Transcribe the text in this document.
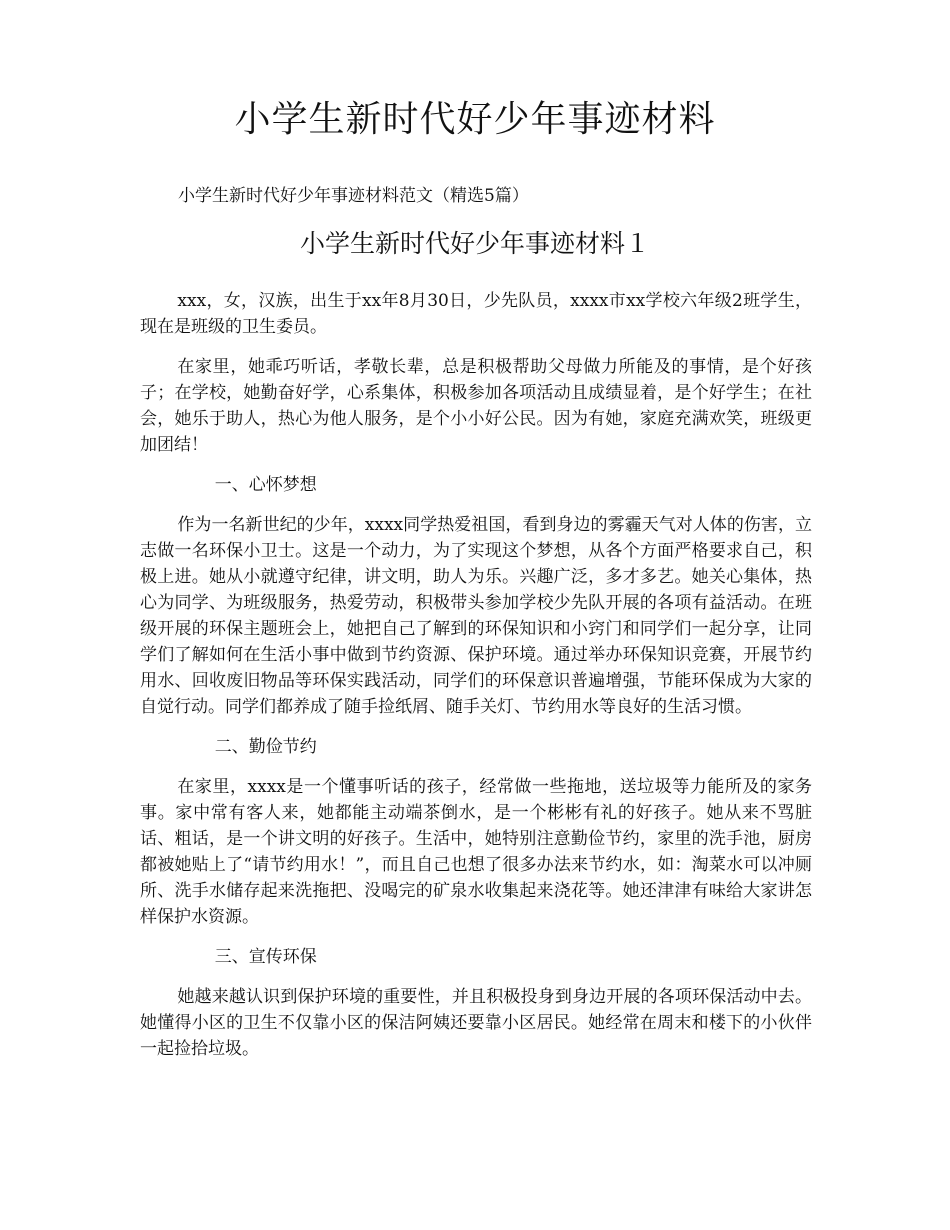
小学生新时代好少年事迹材料

小学生新时代好少年事迹材料范文（精选5篇）

小学生新时代好少年事迹材料１

xxx，女，汉族，出生于xx年8月30日，少先队员，xxxx市xx学校六年级2班学生，现在是班级的卫生委员。

在家里，她乖巧听话，孝敬长辈，总是积极帮助父母做力所能及的事情，是个好孩子；在学校，她勤奋好学，心系集体，积极参加各项活动且成绩显着，是个好学生；在社会，她乐于助人，热心为他人服务，是个小小好公民。因为有她，家庭充满欢笑，班级更加团结！

一、心怀梦想

作为一名新世纪的少年，xxxx同学热爱祖国，看到身边的雾霾天气对人体的伤害，立志做一名环保小卫士。这是一个动力，为了实现这个梦想，从各个方面严格要求自己，积极上进。她从小就遵守纪律，讲文明，助人为乐。兴趣广泛，多才多艺。她关心集体，热心为同学、为班级服务，热爱劳动，积极带头参加学校少先队开展的各项有益活动。在班级开展的环保主题班会上，她把自己了解到的环保知识和小窍门和同学们一起分享，让同学们了解如何在生活小事中做到节约资源、保护环境。通过举办环保知识竞赛，开展节约用水、回收废旧物品等环保实践活动，同学们的环保意识普遍增强，节能环保成为大家的自觉行动。同学们都养成了随手捡纸屑、随手关灯、节约用水等良好的生活习惯。

二、勤俭节约

在家里，xxxx是一个懂事听话的孩子，经常做一些拖地，送垃圾等力能所及的家务事。家中常有客人来，她都能主动端茶倒水，是一个彬彬有礼的好孩子。她从来不骂脏话、粗话，是一个讲文明的好孩子。生活中，她特别注意勤俭节约，家里的洗手池，厨房都被她贴上了“请节约用水！”，而且自己也想了很多办法来节约水，如：淘菜水可以冲厕所、洗手水储存起来洗拖把、没喝完的矿泉水收集起来浇花等。她还津津有味给大家讲怎样保护水资源。

三、宣传环保

她越来越认识到保护环境的重要性，并且积极投身到身边开展的各项环保活动中去。她懂得小区的卫生不仅靠小区的保洁阿姨还要靠小区居民。她经常在周末和楼下的小伙伴一起捡拾垃圾。
